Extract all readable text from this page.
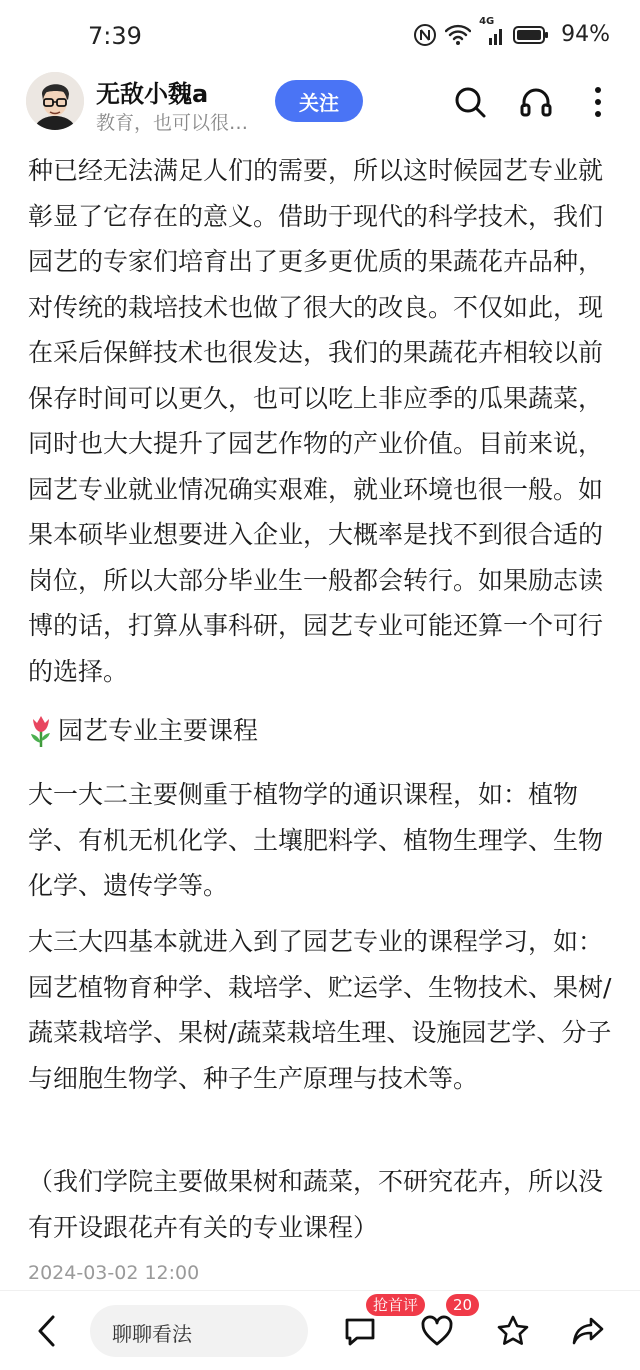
7:39
4G
94%
无敌小魏a
教育，也可以很…
关注

种已经无法满足人们的需要，所以这时候园艺专业就彰显了它存在的意义。借助于现代的科学技术，我们园艺的专家们培育出了更多更优质的果蔬花卉品种，对传统的栽培技术也做了很大的改良。不仅如此，现在采后保鲜技术也很发达，我们的果蔬花卉相较以前保存时间可以更久，也可以吃上非应季的瓜果蔬菜，同时也大大提升了园艺作物的产业价值。目前来说，园艺专业就业情况确实艰难，就业环境也很一般。如果本硕毕业想要进入企业，大概率是找不到很合适的岗位，所以大部分毕业生一般都会转行。如果励志读博的话，打算从事科研，园艺专业可能还算一个可行的选择。

园艺专业主要课程

大一大二主要侧重于植物学的通识课程，如：植物学、有机无机化学、土壤肥料学、植物生理学、生物化学、遗传学等。

大三大四基本就进入到了园艺专业的课程学习，如：园艺植物育种学、栽培学、贮运学、生物技术、果树/蔬菜栽培学、果树/蔬菜栽培生理、设施园艺学、分子与细胞生物学、种子生产原理与技术等。

（我们学院主要做果树和蔬菜，不研究花卉，所以没有开设跟花卉有关的专业课程）

2024-03-02 12:00
聊聊看法
抢首评	20
